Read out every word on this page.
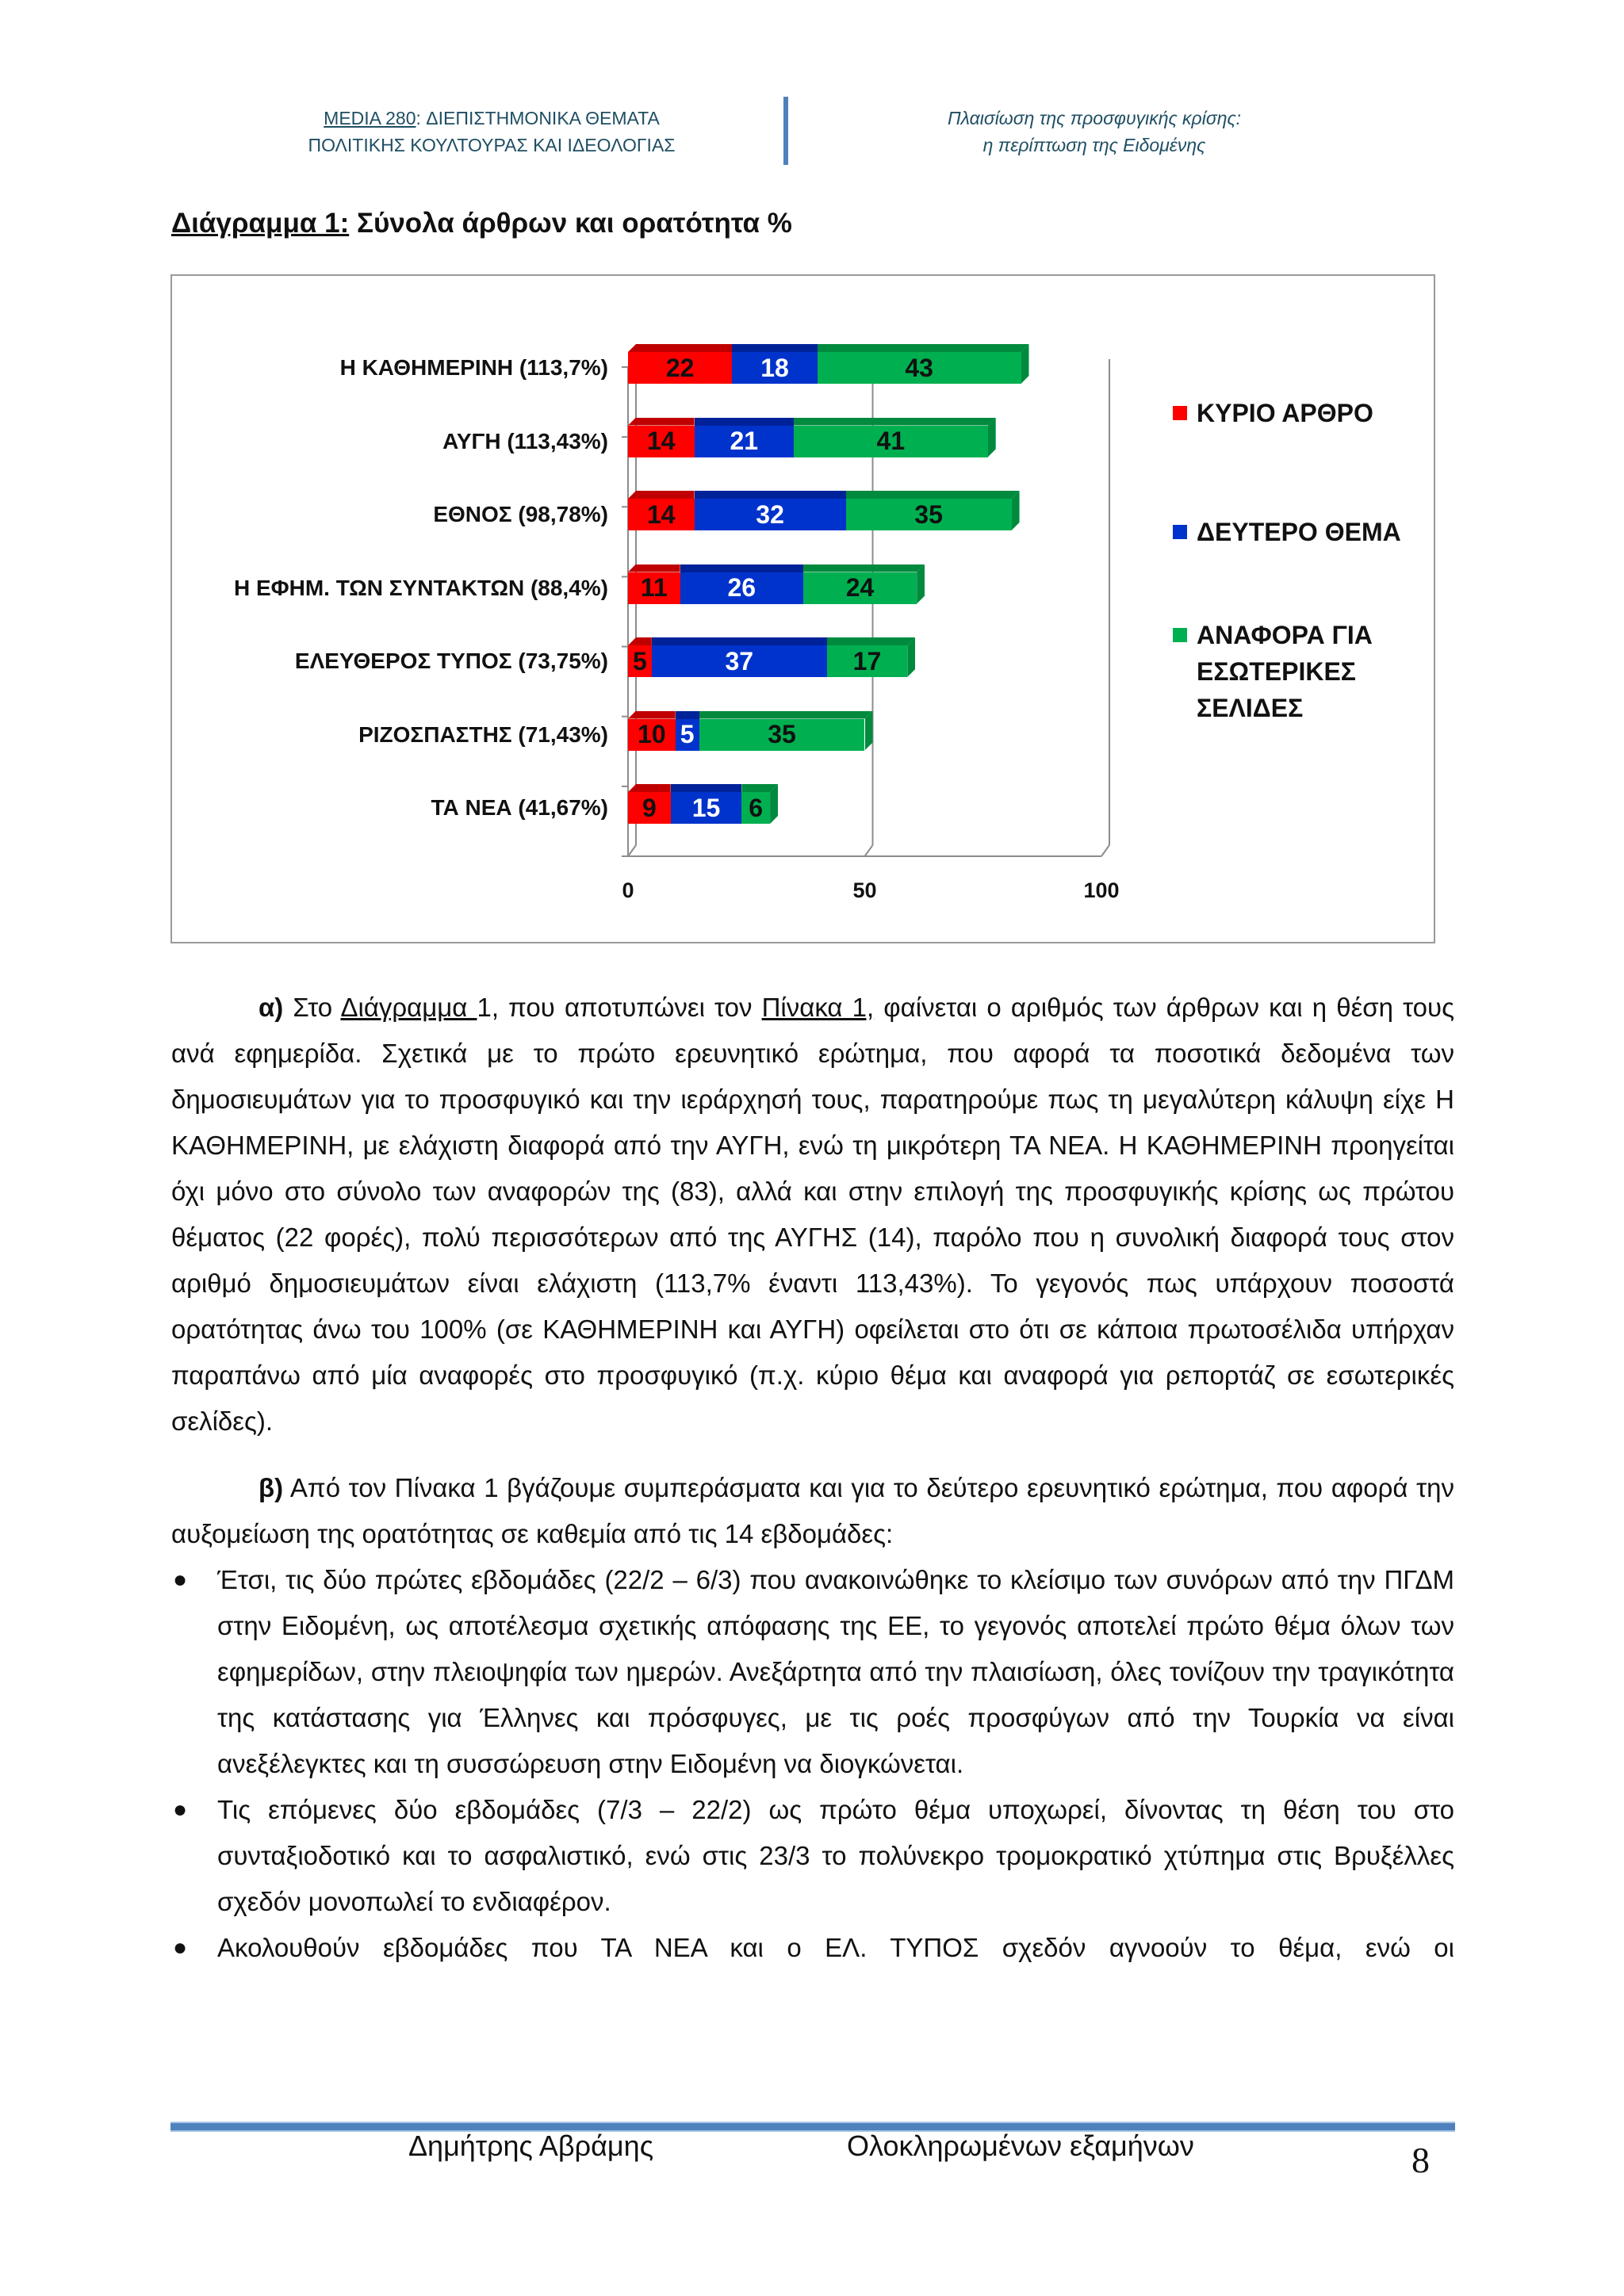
MEDIA 280: ΔΙΕΠΙΣΤΗΜΟΝΙΚΑ ΘΕΜΑΤΑ
ΠΟΛΙΤΙΚΗΣ ΚΟΥΛΤΟΥΡΑΣ ΚΑΙ ΙΔΕΟΛΟΓΙΑΣ
Πλαισίωση της προσφυγικής κρίσης:
η περίπτωση της Ειδομένης
Διάγραμμα 1: Σύνολα άρθρων και ορατότητα %
Η ΚΑΘΗΜΕΡΙΝΗ (113,7%)
ΑΥΓΗ (113,43%)
ΕΘΝΟΣ (98,78%)
Η ΕΦΗΜ. ΤΩΝ ΣΥΝΤΑΚΤΩΝ (88,4%)
ΕΛΕΥΘΕΡΟΣ ΤΥΠΟΣ (73,75%)
ΡΙΖΟΣΠΑΣΤΗΣ (71,43%)
ΤΑ ΝΕΑ (41,67%)
22	18	43
14	21	41
14	32	35
11	26	24
5	37	17
10 5	35
9	15	6
0	50	100
ΚΥΡΙΟ ΑΡΘΡΟ
ΔΕΥΤΕΡΟ ΘΕΜΑ
ΑΝΑΦΟΡΑ ΓΙΑ
ΕΣΩΤΕΡΙΚΕΣ
ΣΕΛΙΔΕΣ

α) Στο Διάγραμμα 1, που αποτυπώνει τον Πίνακα 1, φαίνεται ο αριθμός των άρθρων και η θέση τους ανά εφημερίδα. Σχετικά με το πρώτο ερευνητικό ερώτημα, που αφορά τα ποσοτικά δεδομένα των δημοσιευμάτων για το προσφυγικό και την ιεράρχησή τους, παρατηρούμε πως τη μεγαλύτερη κάλυψη είχε Η ΚΑΘΗΜΕΡΙΝΗ, με ελάχιστη διαφορά από την ΑΥΓΗ, ενώ τη μικρότερη ΤΑ ΝΕΑ. Η ΚΑΘΗΜΕΡΙΝΗ προηγείται όχι μόνο στο σύνολο των αναφορών της (83), αλλά και στην επιλογή της προσφυγικής κρίσης ως πρώτου θέματος (22 φορές), πολύ περισσότερων από της ΑΥΓΗΣ (14), παρόλο που η συνολική διαφορά τους στον αριθμό δημοσιευμάτων είναι ελάχιστη (113,7% έναντι 113,43%). Το γεγονός πως υπάρχουν ποσοστά ορατότητας άνω του 100% (σε ΚΑΘΗΜΕΡΙΝΗ και ΑΥΓΗ) οφείλεται στο ότι σε κάποια πρωτοσέλιδα υπήρχαν παραπάνω από μία αναφορές στο προσφυγικό (π.χ. κύριο θέμα και αναφορά για ρεπορτάζ σε εσωτερικές σελίδες).

β) Από τον Πίνακα 1 βγάζουμε συμπεράσματα και για το δεύτερο ερευνητικό ερώτημα, που αφορά την αυξομείωση της ορατότητας σε καθεμία από τις 14 εβδομάδες:

● Έτσι, τις δύο πρώτες εβδομάδες (22/2 – 6/3) που ανακοινώθηκε το κλείσιμο των συνόρων από την ΠΓΔΜ στην Ειδομένη, ως αποτέλεσμα σχετικής απόφασης της ΕΕ, το γεγονός αποτελεί πρώτο θέμα όλων των εφημερίδων, στην πλειοψηφία των ημερών. Ανεξάρτητα από την πλαισίωση, όλες τονίζουν την τραγικότητα της κατάστασης για Έλληνες και πρόσφυγες, με τις ροές προσφύγων από την Τουρκία να είναι ανεξέλεγκτες και τη συσσώρευση στην Ειδομένη να διογκώνεται.
● Τις επόμενες δύο εβδομάδες (7/3 – 22/2) ως πρώτο θέμα υποχωρεί, δίνοντας τη θέση του στο συνταξιοδοτικό και το ασφαλιστικό, ενώ στις 23/3 το πολύνεκρο τρομοκρατικό χτύπημα στις Βρυξέλλες σχεδόν μονοπωλεί το ενδιαφέρον.
● Ακολουθούν εβδομάδες που ΤΑ ΝΕΑ και ο ΕΛ. ΤΥΠΟΣ σχεδόν αγνοούν το θέμα, ενώ οι
Δημήτρης Αβράμης	Ολοκληρωμένων εξαμήνων	8
